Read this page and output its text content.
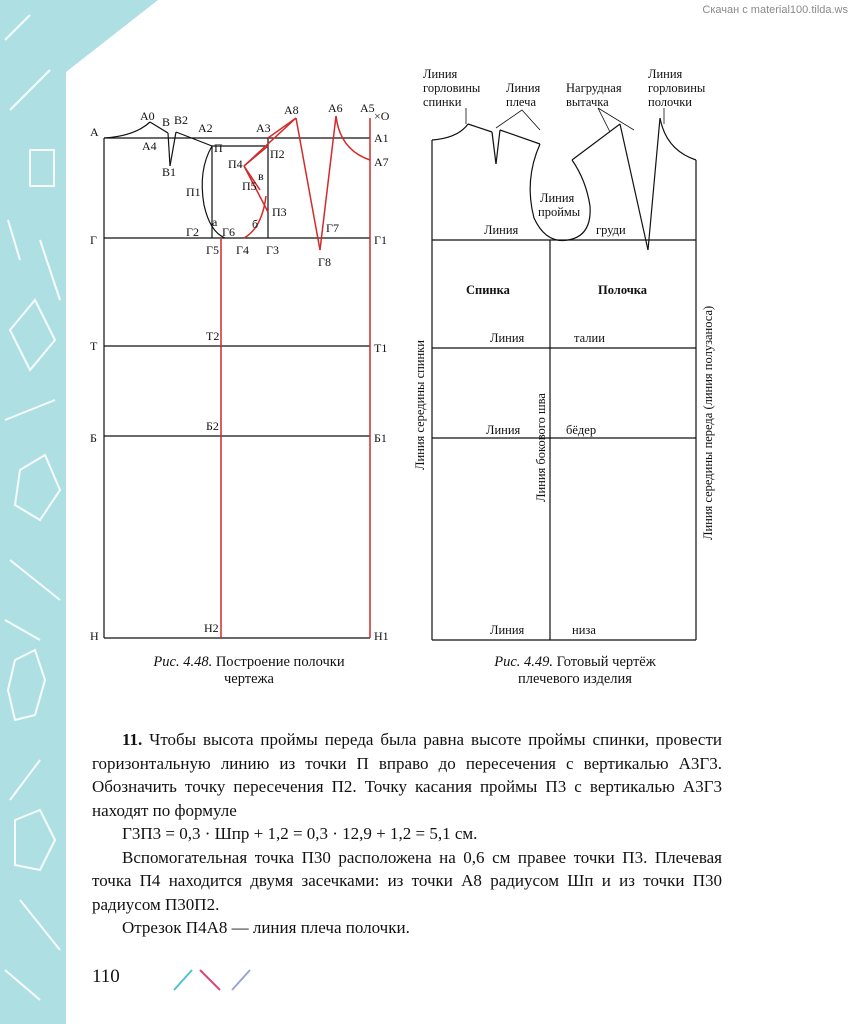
Скачан с material100.tilda.ws
А
А0
А4
В В2
В1
А2
П
П1
а
Г2 Г6
Г5 Г4
б
А3
А8
П4
П2
в
П5
П3
Г3
А6 А5
×О
А1
А7
Г7
Г8
Г1
Г
Т
Т2
Т1
Б
Б2
Б1
Н
Н2
Н1
Линия
горловины
спинки
Линия
плеча
Нагрудная
вытачка
Линия
горловины
полочки
Линия
проймы
Линия	груди
Спинка	Полочка
Линия	талии
Линия	бёдер
Линия	низа
Линия середины спинки	Линия бокового шва	Линия середины переда (линия полузаноса)
Рис. 4.48. Построение полочки
чертежа
Рис. 4.49. Готовый чертёж
плечевого изделия

11. Чтобы высота проймы переда была равна высоте проймы спинки, провести горизонтальную линию из точки П вправо до пересечения с вертикалью А3Г3. Обозначить точку пересечения П2. Точку касания проймы П3 с вертикалью А3Г3 находят по формуле

Г3П3 = 0,3 · Шпр + 1,2 = 0,3 · 12,9 + 1,2 = 5,1 см.

Вспомогательная точка П30 расположена на 0,6 см правее точки П3. Плечевая точка П4 находится двумя засечками: из точки А8 радиусом Шп и из точки П30 радиусом П30П2.

Отрезок П4А8 — линия плеча полочки.

110
